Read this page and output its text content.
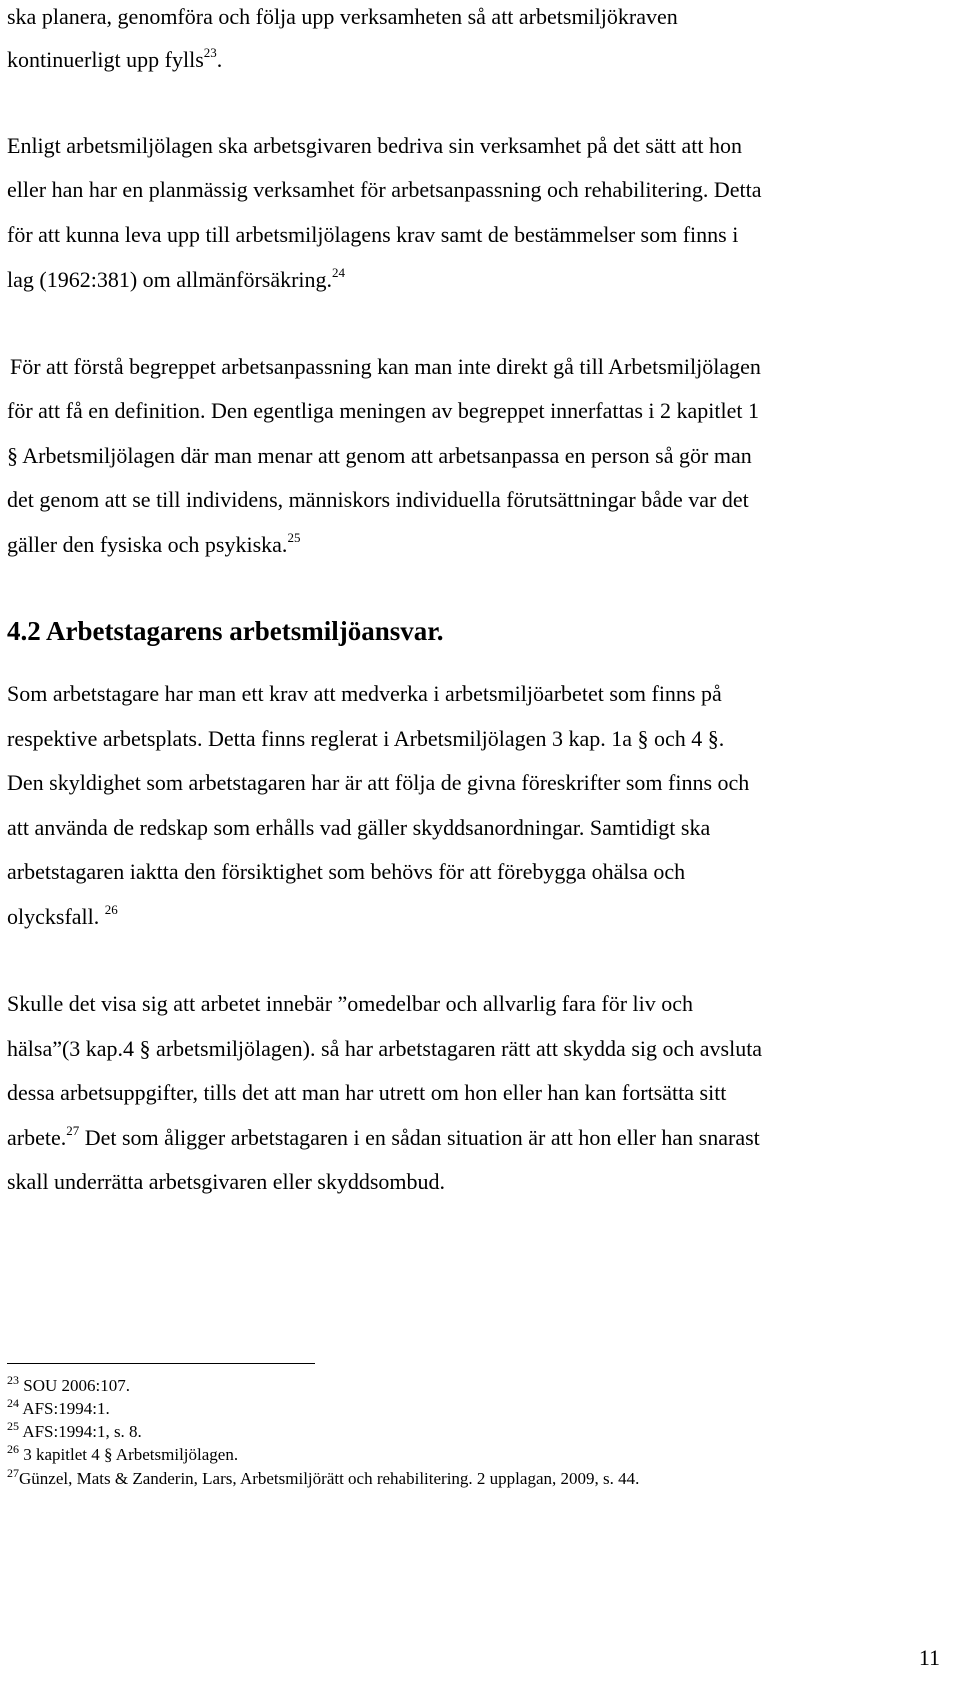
ska planera, genomföra och följa upp verksamheten så att arbetsmiljökraven
kontinuerligt upp fylls$^{23}$.
Enligt arbetsmiljölagen ska arbetsgivaren bedriva sin verksamhet på det sätt att hon
eller han har en planmässig verksamhet för arbetsanpassning och rehabilitering. Detta
för att kunna leva upp till arbetsmiljölagens krav samt de bestämmelser som finns i
lag (1962:381) om allmänförsäkring.$^{24}$
För att förstå begreppet arbetsanpassning kan man inte direkt gå till Arbetsmiljölagen
för att få en definition. Den egentliga meningen av begreppet innerfattas i 2 kapitlet 1
§ Arbetsmiljölagen där man menar att genom att arbetsanpassa en person så gör man
det genom att se till individens, människors individuella förutsättningar både var det
gäller den fysiska och psykiska.$^{25}$
4.2 Arbetstagarens arbetsmiljöansvar.
Som arbetstagare har man ett krav att medverka i arbetsmiljöarbetet som finns på
respektive arbetsplats. Detta finns reglerat i Arbetsmiljölagen 3 kap. 1a § och 4 §.
Den skyldighet som arbetstagaren har är att följa de givna föreskrifter som finns och
att använda de redskap som erhålls vad gäller skyddsanordningar. Samtidigt ska
arbetstagaren iaktta den försiktighet som behövs för att förebygga ohälsa och
olycksfall. $^{26}$
Skulle det visa sig att arbetet innebär ”omedelbar och allvarlig fara för liv och
hälsa”(3 kap.4 § arbetsmiljölagen). så har arbetstagaren rätt att skydda sig och avsluta
dessa arbetsuppgifter, tills det att man har utrett om hon eller han kan fortsätta sitt
arbete.$^{27}$ Det som åligger arbetstagaren i en sådan situation är att hon eller han snarast
skall underrätta arbetsgivaren eller skyddsombud.
$^{23}$ SOU 2006:107.
$^{24}$ AFS:1994:1.
$^{25}$ AFS:1994:1, s. 8.
$^{26}$ 3 kapitlet 4 § Arbetsmiljölagen.
$^{27}$Günzel, Mats & Zanderin, Lars, Arbetsmiljörätt och rehabilitering. 2 upplagan, 2009, s. 44.
11
